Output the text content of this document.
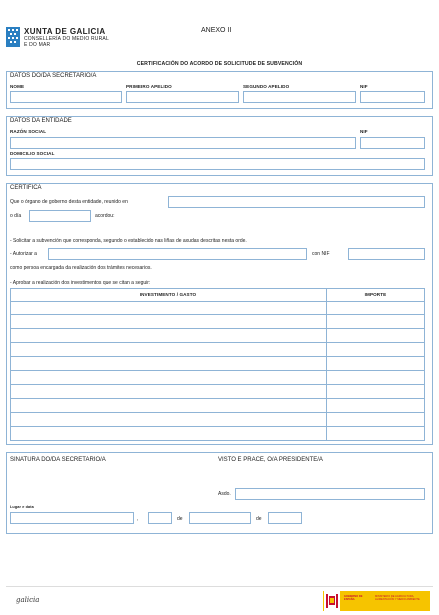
XUNTA DE GALICIA
CONSELLERÍA DO MEDIO RURAL
E DO MAR
ANEXO II
CERTIFICACIÓN DO ACORDO DE SOLICITUDE DE SUBVENCIÓN
DATOS DO/DA SECRETARIO/A
NOME	PRIMEIRO APELIDO	SEGUNDO APELIDO	NIF
DATOS DA ENTIDADE
RAZÓN SOCIAL	NIF
DOMICILIO SOCIAL
CERTIFICA
Que o órgano de goberno desta entidade, reunido en
o día	acordou:
- Solicitar a subvención que corresponda, segundo o establecido nas liñas de axudas descritas nesta orde.
- Autorizar a	con NIF
como persoa encargada da realización dos trámites necesarios.
- Aprobar a realización dos investimentos que se citan a seguir:
INVESTIMENTO / GASTO	IMPORTE
SINATURA DO/DA SECRETARIO/A	VISTO E PRACE, O/A PRESIDENTE/A
Asdo.
Lugar e data
,	de	de
galicia	GOBIERNO DE ESPAÑA
MINISTERIO DE AGRICULTURA, ALIMENTACIÓN Y MEDIO AMBIENTE
